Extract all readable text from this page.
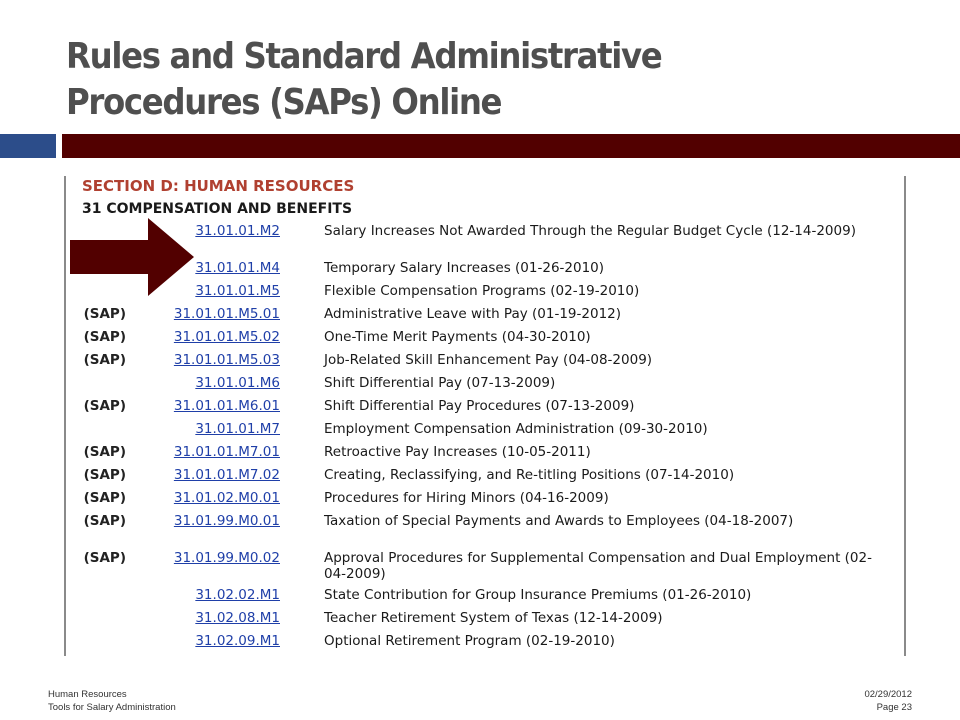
Rules and Standard Administrative
Procedures (SAPs) Online
SECTION D: HUMAN RESOURCES
31 COMPENSATION AND BENEFITS
31.01.01.M2	Salary Increases Not Awarded Through the Regular Budget Cycle (12-14-2009)
31.01.01.M4	Temporary Salary Increases (01-26-2010)
31.01.01.M5	Flexible Compensation Programs (02-19-2010)
(SAP)	31.01.01.M5.01	Administrative Leave with Pay (01-19-2012)
(SAP)	31.01.01.M5.02	One-Time Merit Payments (04-30-2010)
(SAP)	31.01.01.M5.03	Job-Related Skill Enhancement Pay (04-08-2009)
31.01.01.M6	Shift Differential Pay (07-13-2009)
(SAP)	31.01.01.M6.01	Shift Differential Pay Procedures (07-13-2009)
31.01.01.M7	Employment Compensation Administration (09-30-2010)
(SAP)	31.01.01.M7.01	Retroactive Pay Increases (10-05-2011)
(SAP)	31.01.01.M7.02	Creating, Reclassifying, and Re-titling Positions (07-14-2010)
(SAP)	31.01.02.M0.01	Procedures for Hiring Minors (04-16-2009)
(SAP)	31.01.99.M0.01	Taxation of Special Payments and Awards to Employees (04-18-2007)
(SAP)	31.01.99.M0.02	Approval Procedures for Supplemental Compensation and Dual Employment (02-04-2009)
31.02.02.M1	State Contribution for Group Insurance Premiums (01-26-2010)
31.02.08.M1	Teacher Retirement System of Texas (12-14-2009)
31.02.09.M1	Optional Retirement Program (02-19-2010)
Human Resources
Tools for Salary Administration
02/29/2012
Page 23
